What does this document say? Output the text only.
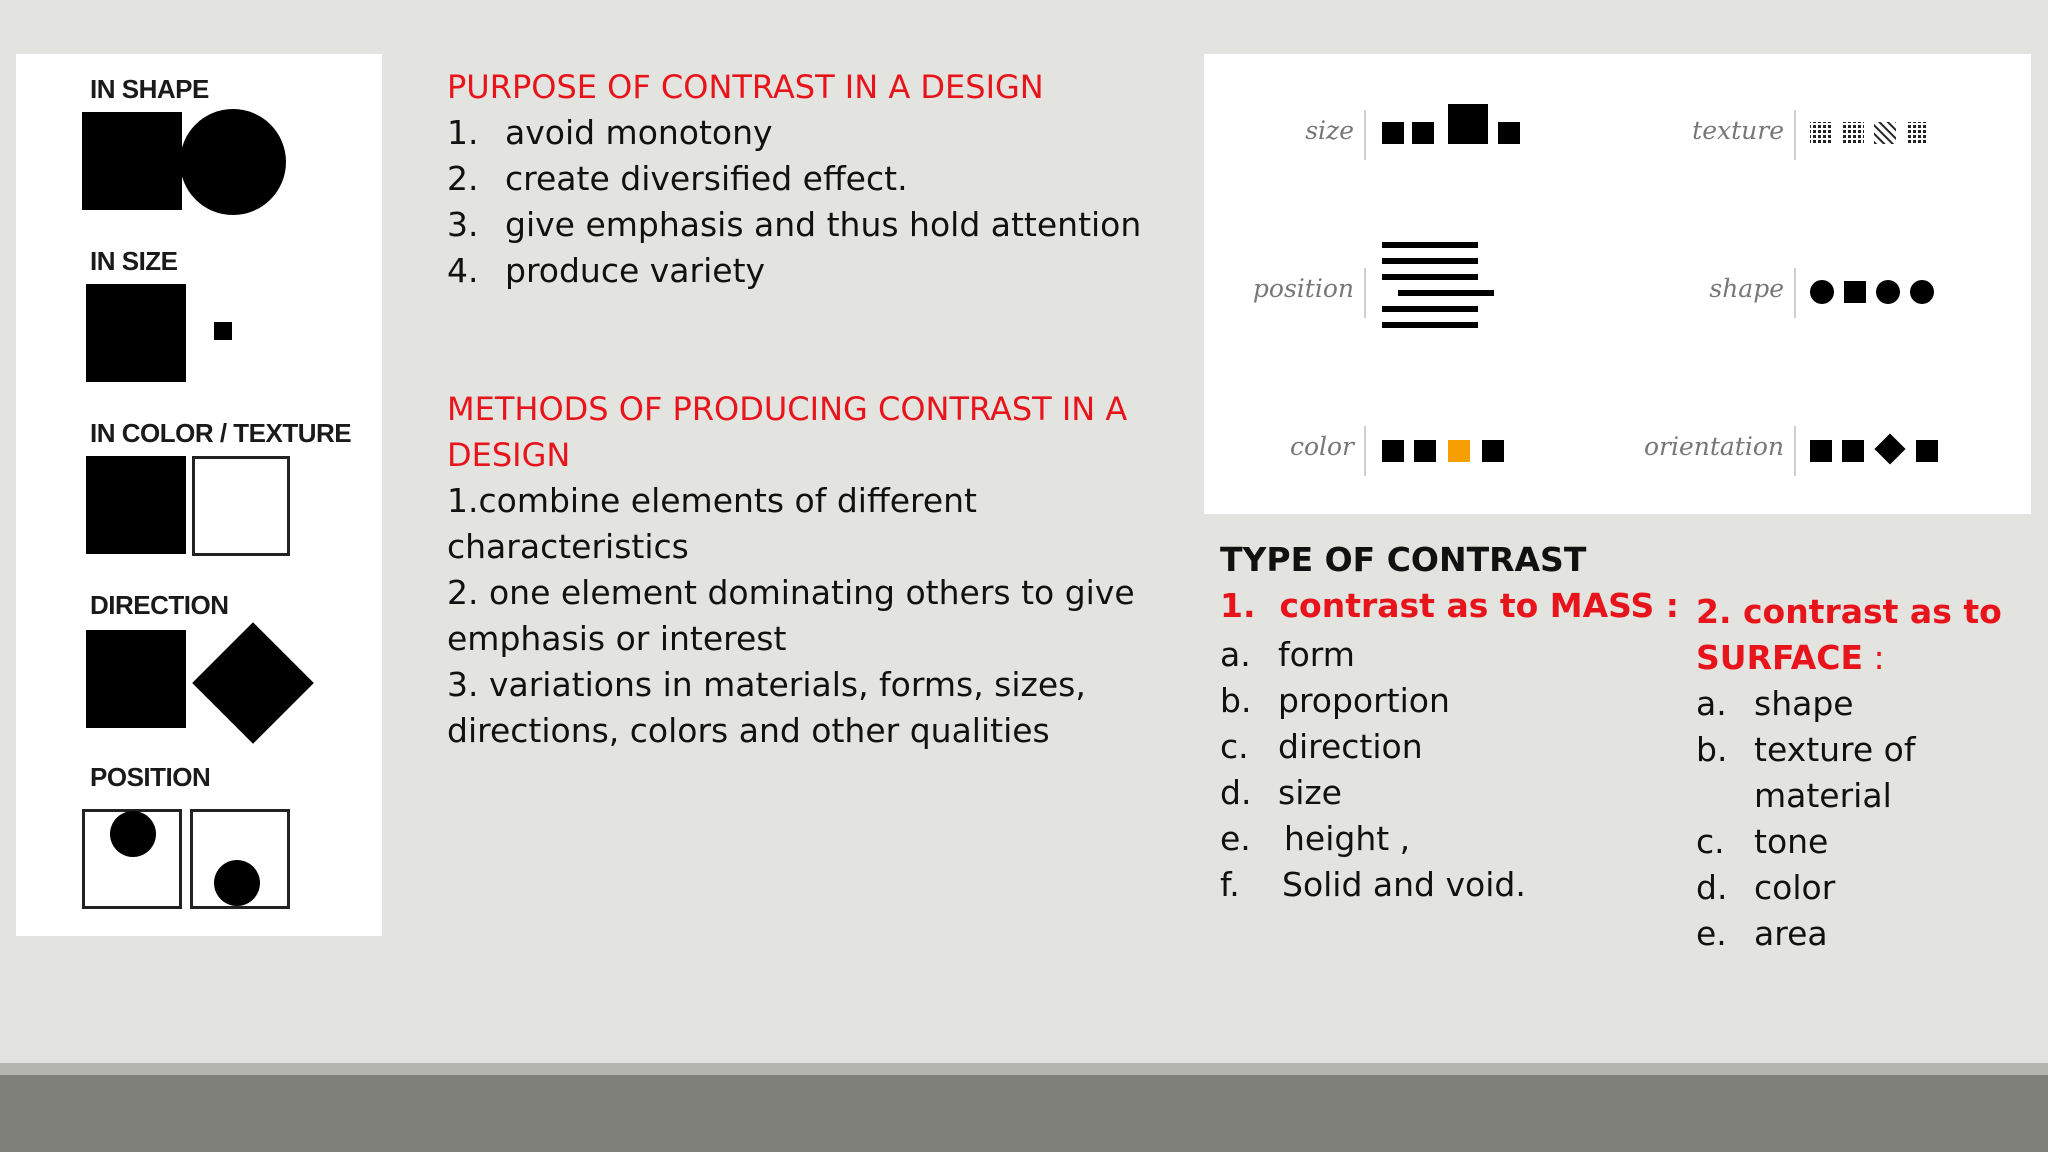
IN SHAPE
IN SIZE
IN COLOR / TEXTURE
DIRECTION
POSITION
PURPOSE OF CONTRAST IN A DESIGN
1. avoid monotony
2. create diversified effect.
3. give emphasis and thus hold attention
4. produce variety
METHODS OF PRODUCING CONTRAST IN A
DESIGN
1.combine elements of different characteristics
2. one element dominating others to give emphasis or interest
3. variations in materials, forms, sizes, directions, colors and other qualities
size	texture
position	shape
color	orientation
TYPE OF CONTRAST
1. contrast as to MASS :
a. form
b. proportion
c. direction
d. size
e. height ,
f. Solid and void.
2. contrast as to SURFACE :
a. shape
b. texture of material
c. tone
d. color
e. area
